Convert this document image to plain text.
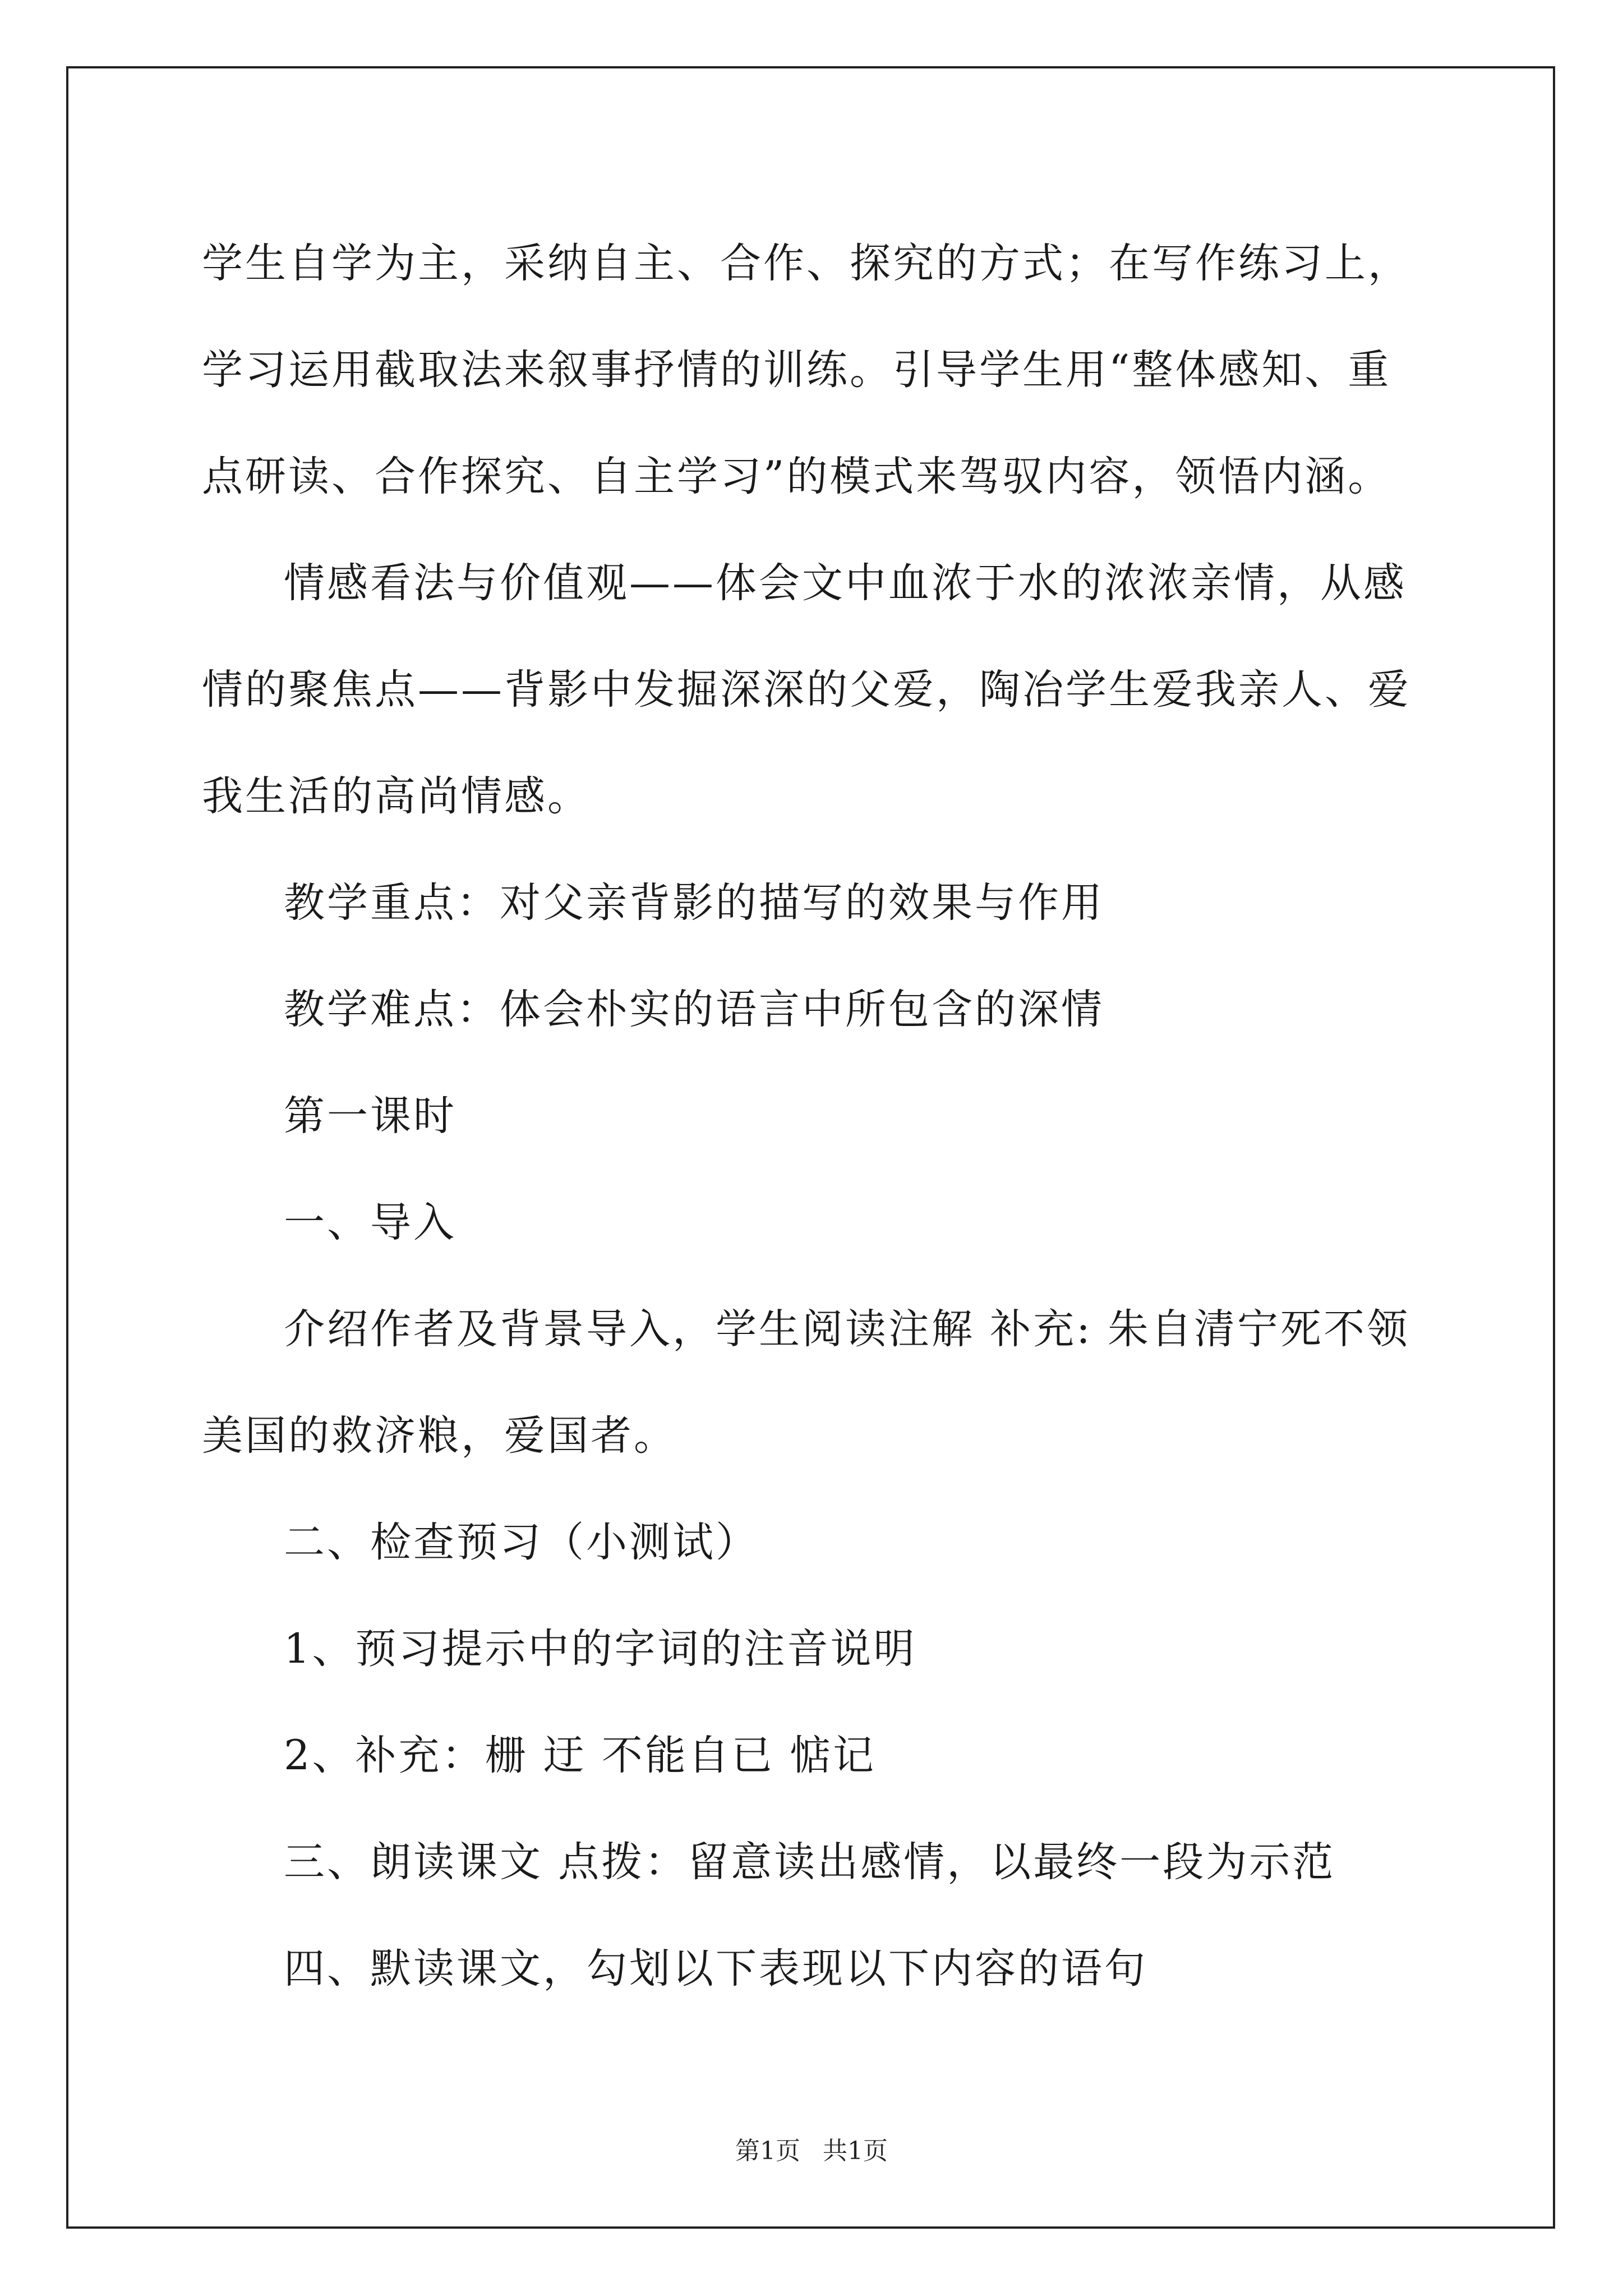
学生自学为主，采纳自主、合作、探究的方式；在写作练习上，学习运用截取法来叙事抒情的训练。引导学生用“整体感知、重点研读、合作探究、自主学习”的模式来驾驭内容，领悟内涵。

情感看法与价值观——体会文中血浓于水的浓浓亲情，从感情的聚焦点——背影中发掘深深的父爱，陶冶学生爱我亲人、爱我生活的高尚情感。

教学重点：对父亲背影的描写的效果与作用

教学难点：体会朴实的语言中所包含的深情

第一课时

一、导入

介绍作者及背景导入，学生阅读注解 补充: 朱自清宁死不领美国的救济粮，爱国者。

二、检查预习（小测试）

1、预习提示中的字词的注音说明

2、补充：栅 迂 不能自已 惦记

三、朗读课文 点拨：留意读出感情，以最终一段为示范

四、默读课文，勾划以下表现以下内容的语句

第1页 共1页
